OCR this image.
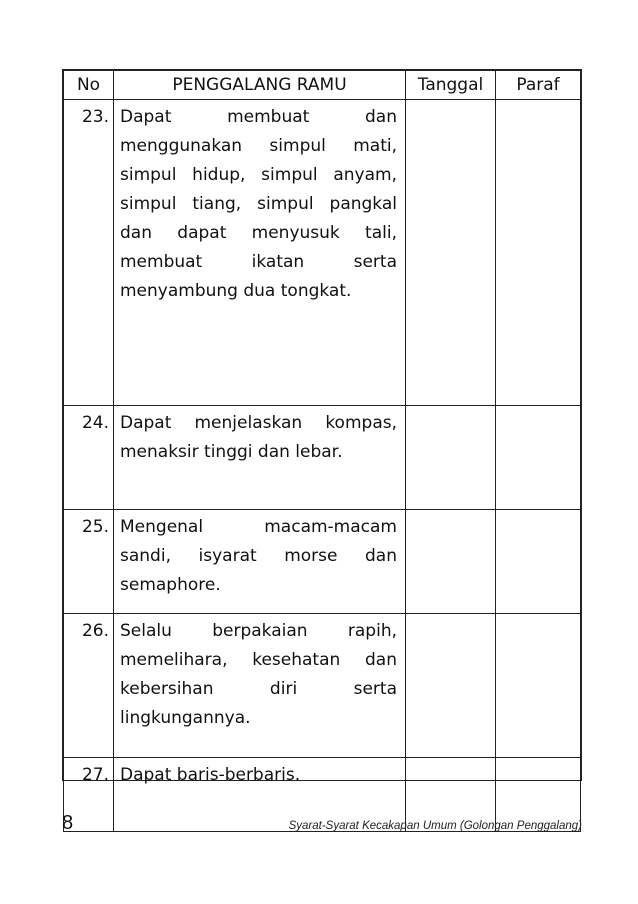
No	PENGGALANG RAMU	Tanggal	Paraf
23.	Dapat membuat dan menggunakan simpul mati, simpul hidup, simpul anyam, simpul tiang, simpul pangkal dan dapat menyusuk tali, membuat ikatan serta menyambung dua tongkat.		
24.	Dapat menjelaskan kompas, menaksir tinggi dan lebar.		
25.	Mengenal macam-macam sandi, isyarat morse dan semaphore.		
26.	Selalu berpakaian rapih, memelihara, kesehatan dan kebersihan diri serta lingkungannya.		
27.	Dapat baris-berbaris.		
8	Syarat-Syarat Kecakapan Umum (Golongan Penggalang)
